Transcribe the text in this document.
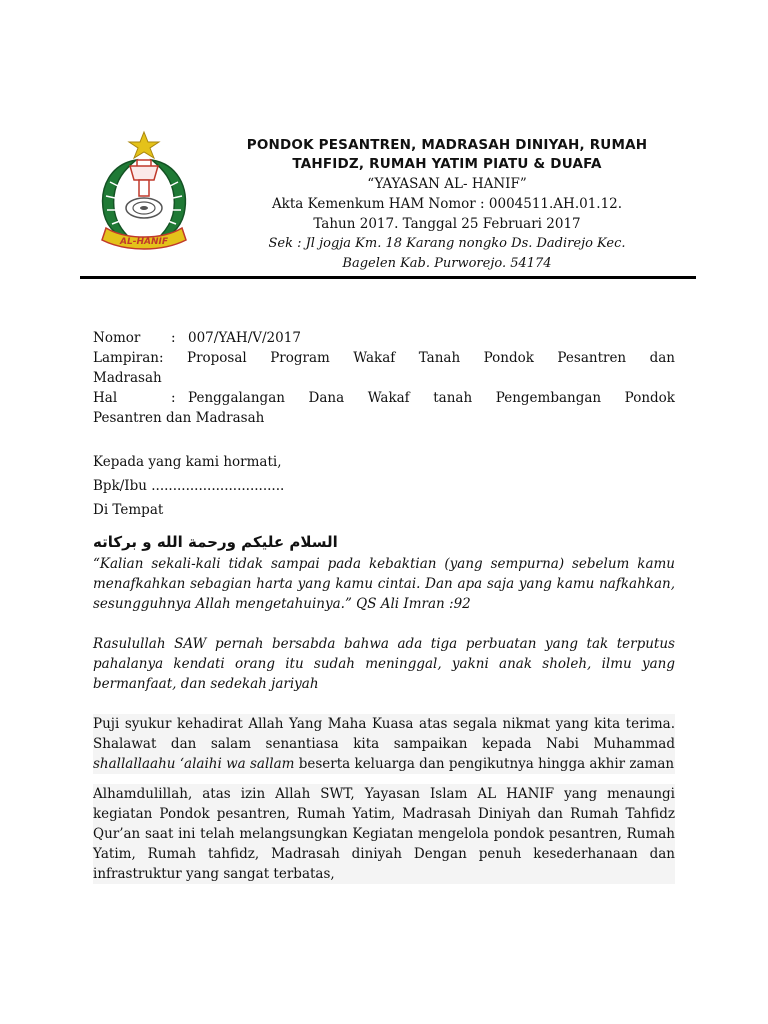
AL-HANIF
PONDOK PESANTREN, MADRASAH DINIYAH, RUMAH
TAHFIDZ, RUMAH YATIM PIATU & DUAFA
“YAYASAN AL- HANIF”
Akta Kemenkum HAM Nomor : 0004511.AH.01.12.
Tahun 2017. Tanggal 25 Februari 2017
Sek : Jl jogja Km. 18 Karang nongko Ds. Dadirejo Kec.
Bagelen Kab. Purworejo. 54174
Nomor	: 007/YAH/V/2017
Lampiran: Proposal Program Wakaf Tanah Pondok Pesantren dan
Madrasah
Hal	: Penggalangan Dana Wakaf tanah Pengembangan Pondok
Pesantren dan Madrasah
Kepada yang kami hormati,
Bpk/Ibu ...............................
Di Tempat
السلام عليكم ورحمة الله و بركاته
“Kalian sekali-kali tidak sampai pada kebaktian (yang sempurna) sebelum kamu menafkahkan sebagian harta yang kamu cintai. Dan apa saja yang kamu nafkahkan, sesungguhnya Allah mengetahuinya.” QS Ali Imran :92
Rasulullah SAW pernah bersabda bahwa ada tiga perbuatan yang tak terputus pahalanya kendati orang itu sudah meninggal, yakni anak sholeh, ilmu yang bermanfaat, dan sedekah jariyah
Puji syukur kehadirat Allah Yang Maha Kuasa atas segala nikmat yang kita terima. Shalawat dan salam senantiasa kita sampaikan kepada Nabi Muhammad shallallaahu ‘alaihi wa sallam beserta keluarga dan pengikutnya hingga akhir zaman
Alhamdulillah, atas izin Allah SWT, Yayasan Islam AL HANIF yang menaungi kegiatan Pondok pesantren, Rumah Yatim, Madrasah Diniyah dan Rumah Tahfidz Qur’an saat ini telah melangsungkan Kegiatan mengelola pondok pesantren, Rumah Yatim, Rumah tahfidz, Madrasah diniyah Dengan penuh kesederhanaan dan infrastruktur yang sangat terbatas,
